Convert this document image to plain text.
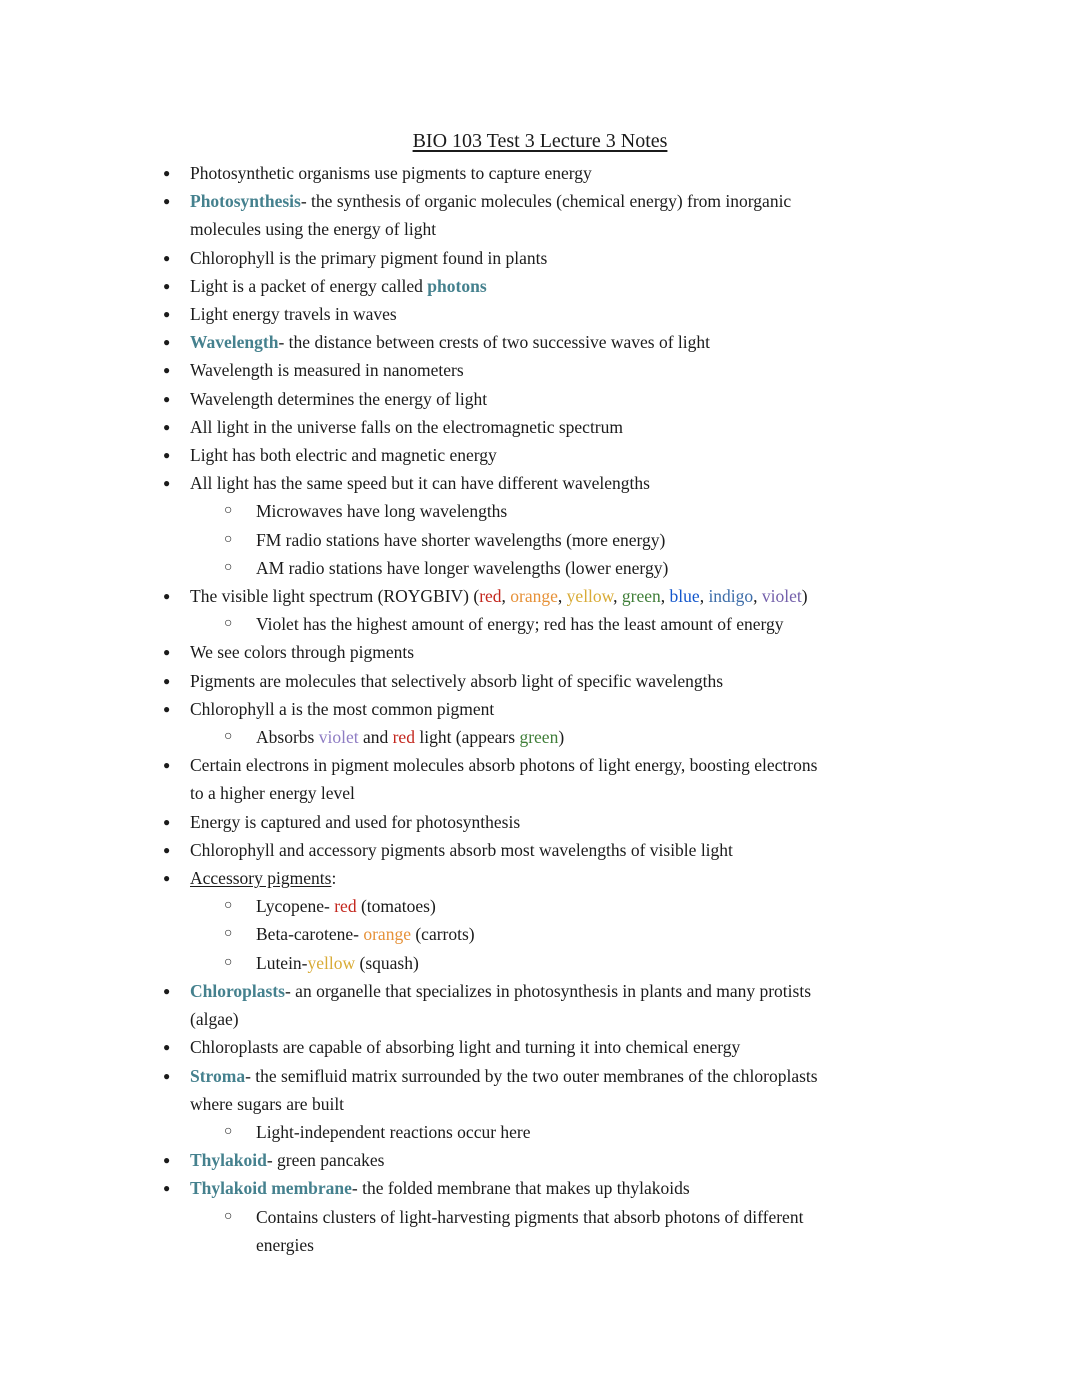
BIO 103 Test 3 Lecture 3 Notes
● Photosynthetic organisms use pigments to capture energy
● Photosynthesis- the synthesis of organic molecules (chemical energy) from inorganic
molecules using the energy of light
● Chlorophyll is the primary pigment found in plants
● Light is a packet of energy called photons
● Light energy travels in waves
● Wavelength- the distance between crests of two successive waves of light
● Wavelength is measured in nanometers
● Wavelength determines the energy of light
● All light in the universe falls on the electromagnetic spectrum
● Light has both electric and magnetic energy
● All light has the same speed but it can have different wavelengths
○ Microwaves have long wavelengths
○ FM radio stations have shorter wavelengths (more energy)
○ AM radio stations have longer wavelengths (lower energy)
● The visible light spectrum (ROYGBIV) (red, orange, yellow, green, blue, indigo, violet)
○ Violet has the highest amount of energy; red has the least amount of energy
● We see colors through pigments
● Pigments are molecules that selectively absorb light of specific wavelengths
● Chlorophyll a is the most common pigment
○ Absorbs violet and red light (appears green)
● Certain electrons in pigment molecules absorb photons of light energy, boosting electrons
to a higher energy level
● Energy is captured and used for photosynthesis
● Chlorophyll and accessory pigments absorb most wavelengths of visible light
● Accessory pigments:
○ Lycopene- red (tomatoes)
○ Beta-carotene- orange (carrots)
○ Lutein-yellow (squash)
● Chloroplasts- an organelle that specializes in photosynthesis in plants and many protists
(algae)
● Chloroplasts are capable of absorbing light and turning it into chemical energy
● Stroma- the semifluid matrix surrounded by the two outer membranes of the chloroplasts
where sugars are built
○ Light-independent reactions occur here
● Thylakoid- green pancakes
● Thylakoid membrane- the folded membrane that makes up thylakoids
○ Contains clusters of light-harvesting pigments that absorb photons of different
energies
